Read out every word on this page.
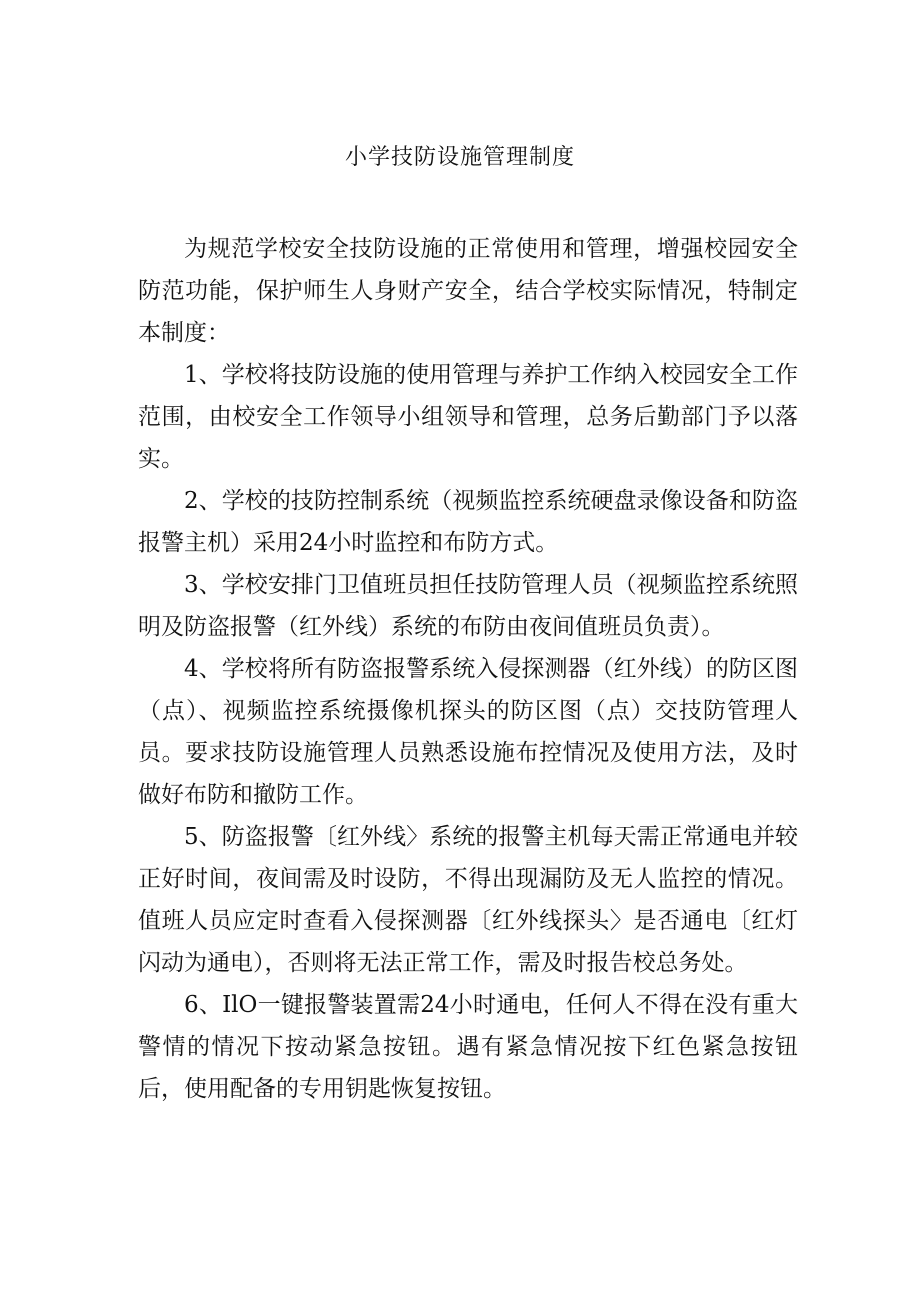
小学技防设施管理制度

为规范学校安全技防设施的正常使用和管理，增强校园安全防范功能，保护师生人身财产安全，结合学校实际情况，特制定本制度：

1、学校将技防设施的使用管理与养护工作纳入校园安全工作范围，由校安全工作领导小组领导和管理，总务后勤部门予以落实。

2、学校的技防控制系统（视频监控系统硬盘录像设备和防盗报警主机）采用24小时监控和布防方式。

3、学校安排门卫值班员担任技防管理人员（视频监控系统照明及防盗报警（红外线）系统的布防由夜间值班员负责）。

4、学校将所有防盗报警系统入侵探测器（红外线）的防区图（点）、视频监控系统摄像机探头的防区图（点）交技防管理人员。要求技防设施管理人员熟悉设施布控情况及使用方法，及时做好布防和撤防工作。

5、防盗报警〔红外线〉系统的报警主机每天需正常通电并较正好时间，夜间需及时设防，不得出现漏防及无人监控的情况。值班人员应定时查看入侵探测器〔红外线探头〉是否通电〔红灯闪动为通电），否则将无法正常工作，需及时报告校总务处。

6、IlO一键报警装置需24小时通电，任何人不得在没有重大警情的情况下按动紧急按钮。遇有紧急情况按下红色紧急按钮后，使用配备的专用钥匙恢复按钮。
